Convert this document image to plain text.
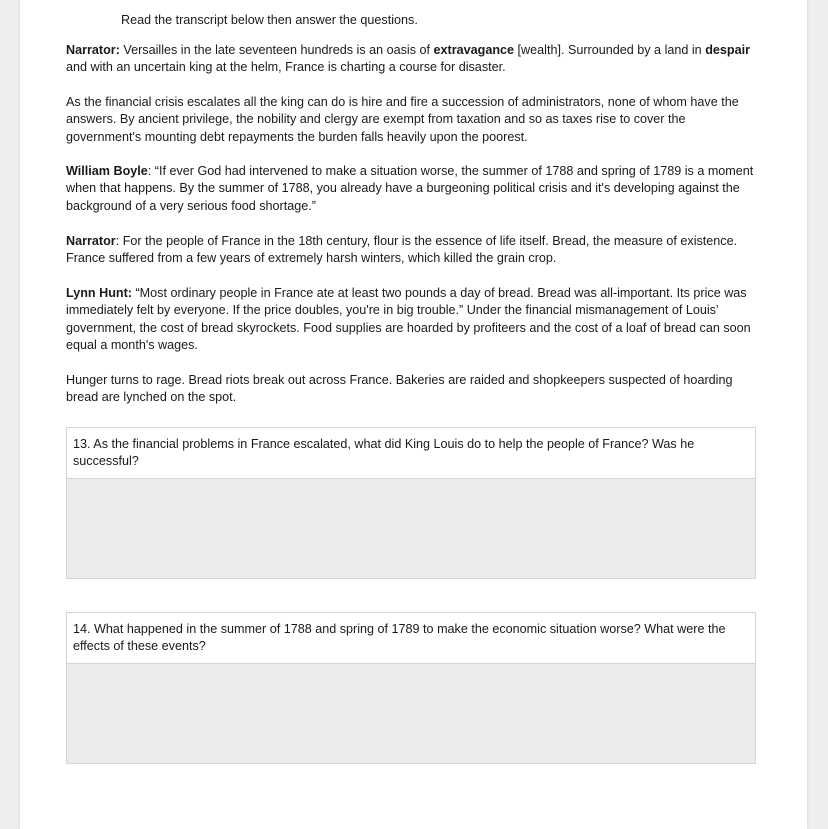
Read the transcript below then answer the questions.

Narrator: Versailles in the late seventeen hundreds is an oasis of extravagance [wealth]. Surrounded by a land in despair and with an uncertain king at the helm, France is charting a course for disaster.

As the financial crisis escalates all the king can do is hire and fire a succession of administrators, none of whom have the answers. By ancient privilege, the nobility and clergy are exempt from taxation and so as taxes rise to cover the government's mounting debt repayments the burden falls heavily upon the poorest.

William Boyle: “If ever God had intervened to make a situation worse, the summer of 1788 and spring of 1789 is a moment when that happens. By the summer of 1788, you already have a burgeoning political crisis and it's developing against the background of a very serious food shortage.”

Narrator: For the people of France in the 18th century, flour is the essence of life itself. Bread, the measure of existence. France suffered from a few years of extremely harsh winters, which killed the grain crop.

Lynn Hunt: “Most ordinary people in France ate at least two pounds a day of bread. Bread was all-important. Its price was immediately felt by everyone. If the price doubles, you're in big trouble.” Under the financial mismanagement of Louis’ government, the cost of bread skyrockets. Food supplies are hoarded by profiteers and the cost of a loaf of bread can soon equal a month's wages.

Hunger turns to rage. Bread riots break out across France. Bakeries are raided and shopkeepers suspected of hoarding bread are lynched on the spot.

13. As the financial problems in France escalated, what did King Louis do to help the people of France? Was he successful?
14. What happened in the summer of 1788 and spring of 1789 to make the economic situation worse? What were the effects of these events?
